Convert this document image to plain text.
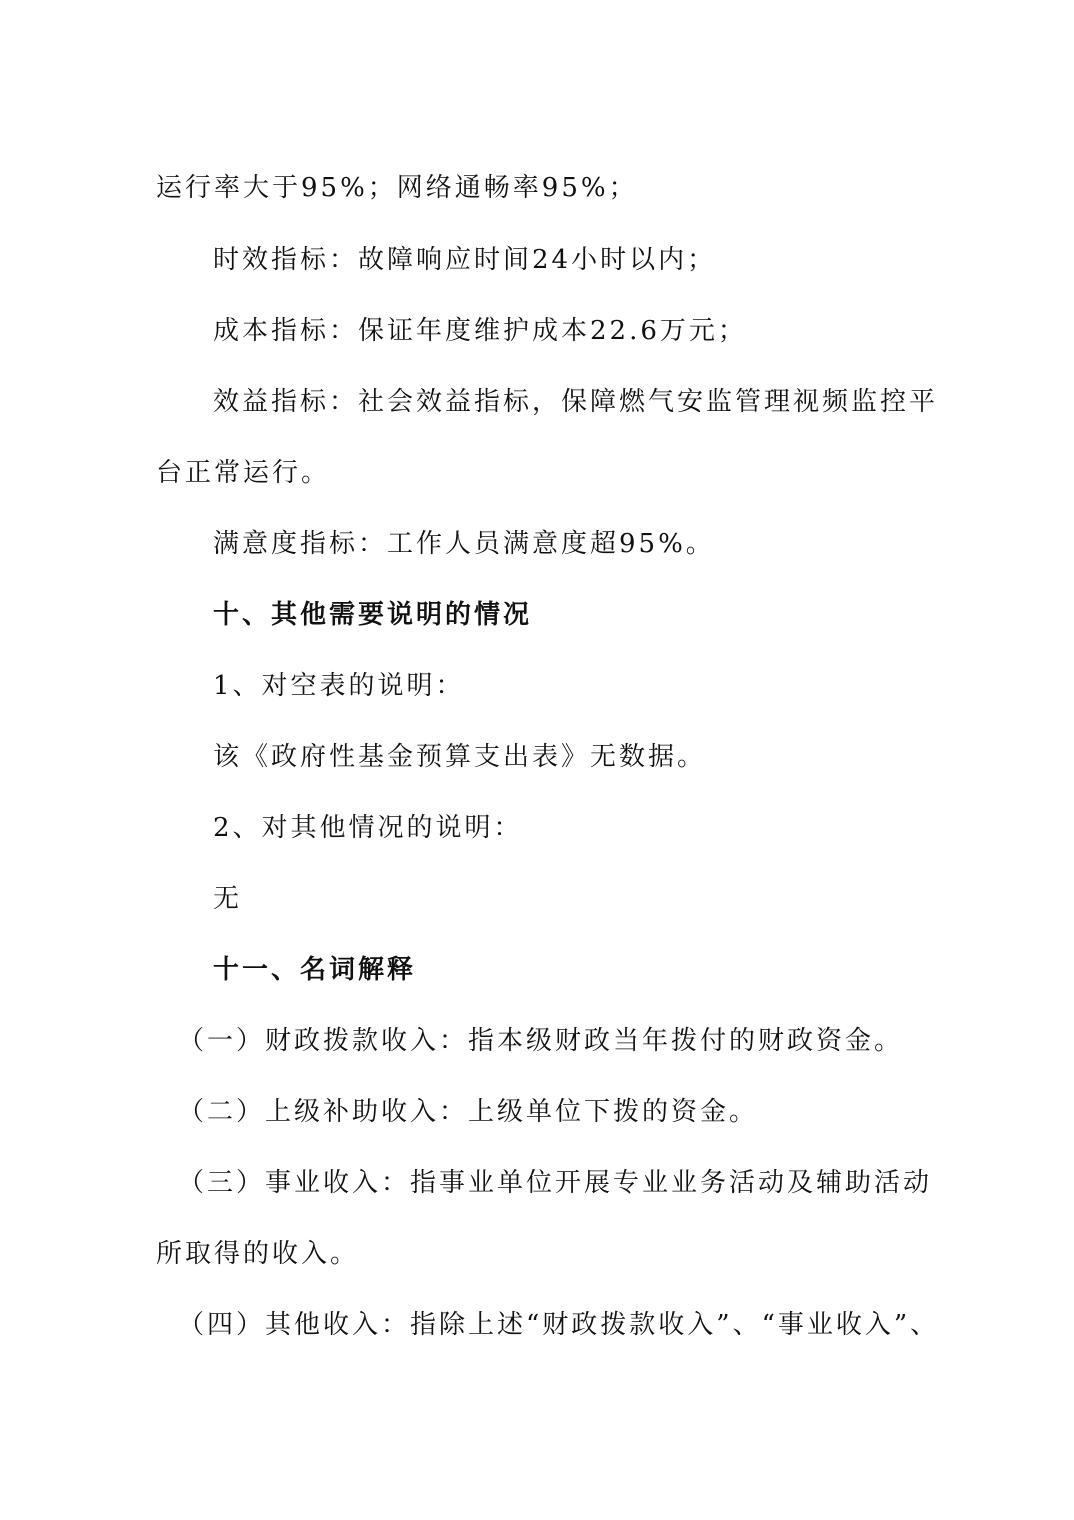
运行率大于95%；网络通畅率95%；
时效指标：故障响应时间24小时以内；
成本指标：保证年度维护成本22.6万元；
效益指标：社会效益指标，保障燃气安监管理视频监控平
台正常运行。
满意度指标：工作人员满意度超95%。
十、其他需要说明的情况
1、对空表的说明：
该《政府性基金预算支出表》无数据。
2、对其他情况的说明：
无
十一、名词解释
（一）财政拨款收入：指本级财政当年拨付的财政资金。
（二）上级补助收入：上级单位下拨的资金。
（三）事业收入：指事业单位开展专业业务活动及辅助活动
所取得的收入。
（四）其他收入：指除上述“财政拨款收入”、“事业收入”、
